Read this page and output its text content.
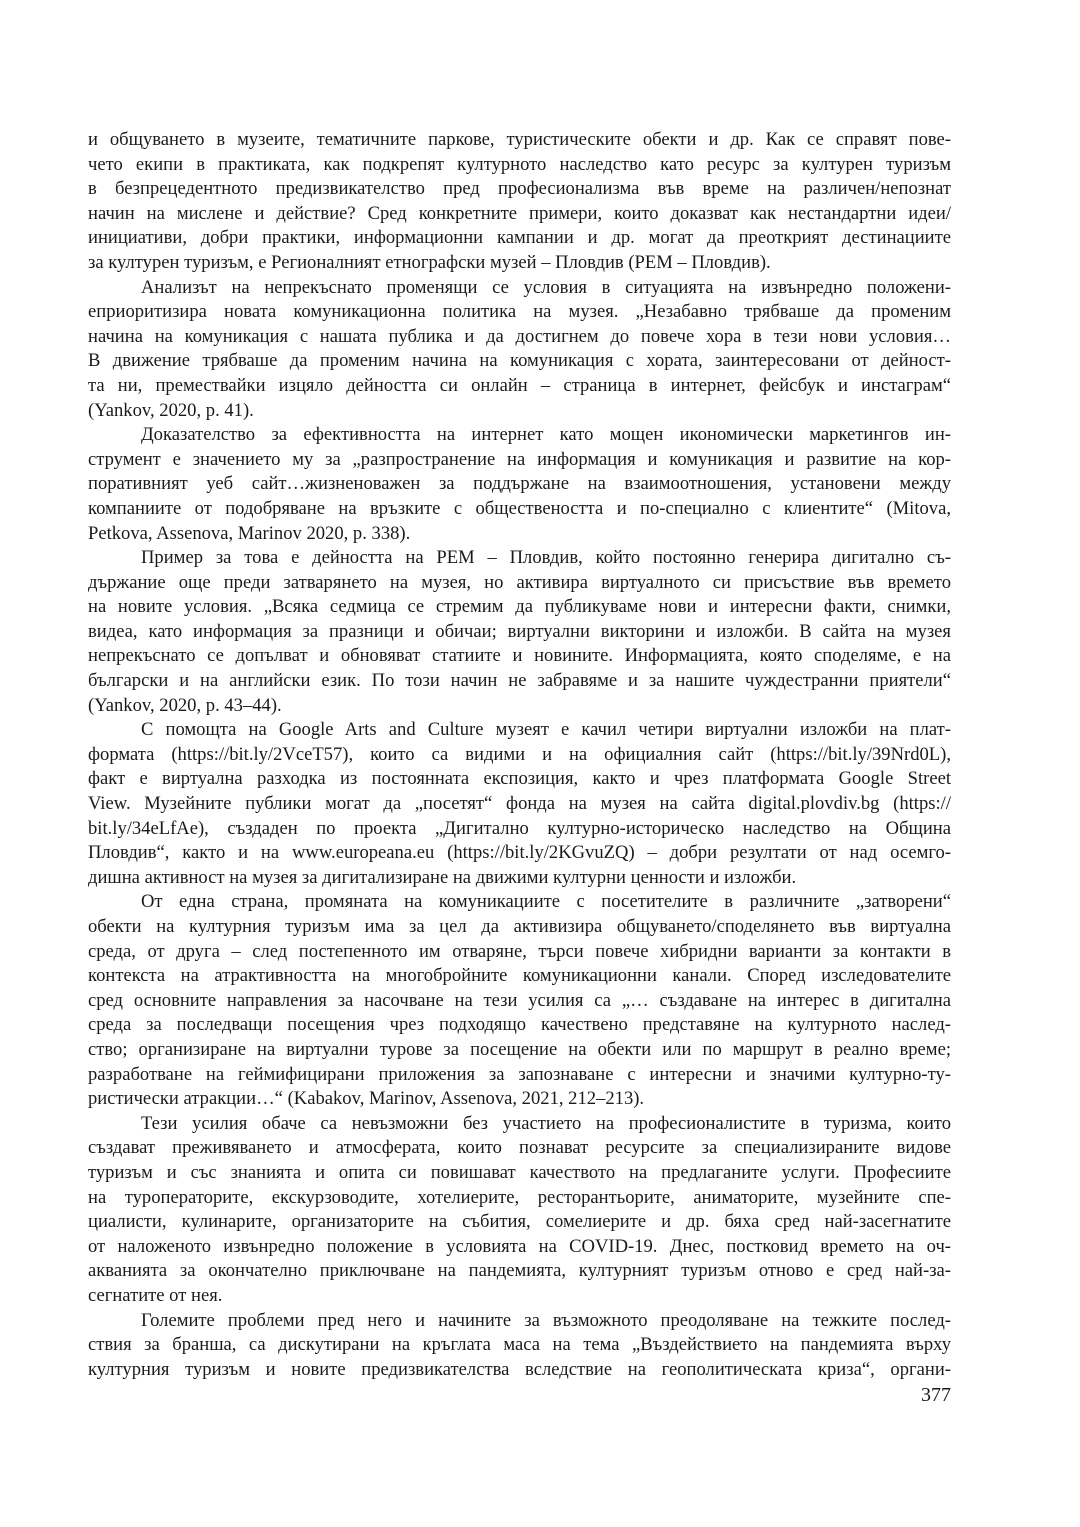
и общуването в музеите, тематичните паркове, туристическите обекти и др. Как се справят пове-
чето екипи в практиката, как подкрепят културното наследство като ресурс за културен туризъм
в безпрецедентното предизвикателство пред професионализма във време на различен/непознат
начин на мислене и действие? Сред конкретните примери, които доказват как нестандартни идеи/
инициативи, добри практики, информационни кампании и др. могат да преоткрият дестинациите
за културен туризъм, е Регионалният етнографски музей – Пловдив (РЕМ – Пловдив).

Анализът на непрекъснато променящи се условия в ситуацията на извънредно положени-
еприоритизира новата комуникационна политика на музея. „Незабавно трябваше да променим
начина на комуникация с нашата публика и да достигнем до повече хора в тези нови условия…
В движение трябваше да променим начина на комуникация с хората, заинтересовани от дейност-
та ни, премествайки изцяло дейността си онлайн – страница в интернет, фейсбук и инстаграм“
(Yankov, 2020, p. 41).

Доказателство за ефективността на интернет като мощен икономически маркетингов ин-
струмент е значението му за „разпространение на информация и комуникация и развитие на кор-
поративният уеб сайт…жизненоважен за поддържане на взаимоотношения, установени между
компаниите от подобряване на връзките с обществеността и по-специално с клиентите“ (Mitova,
Petkova, Assenova, Marinov 2020, p. 338).

Пример за това е дейността на РЕМ – Пловдив, който постоянно генерира дигитално съ-
държание още преди затварянето на музея, но активира виртуалното си присъствие във времето
на новите условия. „Всяка седмица се стремим да публикуваме нови и интересни факти, снимки,
видеа, като информация за празници и обичаи; виртуални викторини и изложби. В сайта на музея
непрекъснато се допълват и обновяват статиите и новините. Информацията, която споделяме, е на
български и на английски език. По този начин не забравяме и за нашите чуждестранни приятели“
(Yankov, 2020, p. 43–44).

С помощта на Google Arts and Culture музеят е качил четири виртуални изложби на плат-
формата (https://bit.ly/2VceT57), които са видими и на официалния сайт (https://bit.ly/39Nrd0L),
факт е виртуална разходка из постоянната експозиция, както и чрез платформата Google Street
View. Музейните публики могат да „посетят“ фонда на музея на сайта digital.plovdiv.bg (https://
bit.ly/34eLfAe), създаден по проекта „Дигитално културно-историческо наследство на Община
Пловдив“, както и на www.europeana.eu (https://bit.ly/2KGvuZQ) – добри резултати от над осемго-
дишна активност на музея за дигитализиране на движими културни ценности и изложби.

От една страна, промяната на комуникациите с посетителите в различните „затворени“
обекти на културния туризъм има за цел да активизира общуването/споделянето във виртуална
среда, от друга – след постепенното им отваряне, търси повече хибридни варианти за контакти в
контекста на атрактивността на многобройните комуникационни канали. Според изследователите
сред основните направления за насочване на тези усилия са „… създаване на интерес в дигитална
среда за последващи посещения чрез подходящо качествено представяне на културното наслед-
ство; организиране на виртуални турове за посещение на обекти или по маршрут в реално време;
разработване на геймифицирани приложения за запознаване с интересни и значими културно-ту-
ристически атракции…“ (Kabakov, Marinov, Assenova, 2021, 212–213).

Тези усилия обаче са невъзможни без участието на професионалистите в туризма, които
създават преживяването и атмосферата, които познават ресурсите за специализираните видове
туризъм и със знанията и опита си повишават качеството на предлаганите услуги. Професиите
на туроператорите, екскурзоводите, хотелиерите, ресторантьорите, аниматорите, музейните спе-
циалисти, кулинарите, организаторите на събития, сомелиерите и др. бяха сред най-засегнатите
от наложеното извънредно положение в условията на COVID-19. Днес, постковид времето на оч-
акванията за окончателно приключване на пандемията, културният туризъм отново е сред най-за-
сегнатите от нея.

Големите проблеми пред него и начините за възможното преодоляване на тежките послед-
ствия за бранша, са дискутирани на кръглата маса на тема „Въздействието на пандемията върху
културния туризъм и новите предизвикателства вследствие на геополитическата криза“, органи-

377
